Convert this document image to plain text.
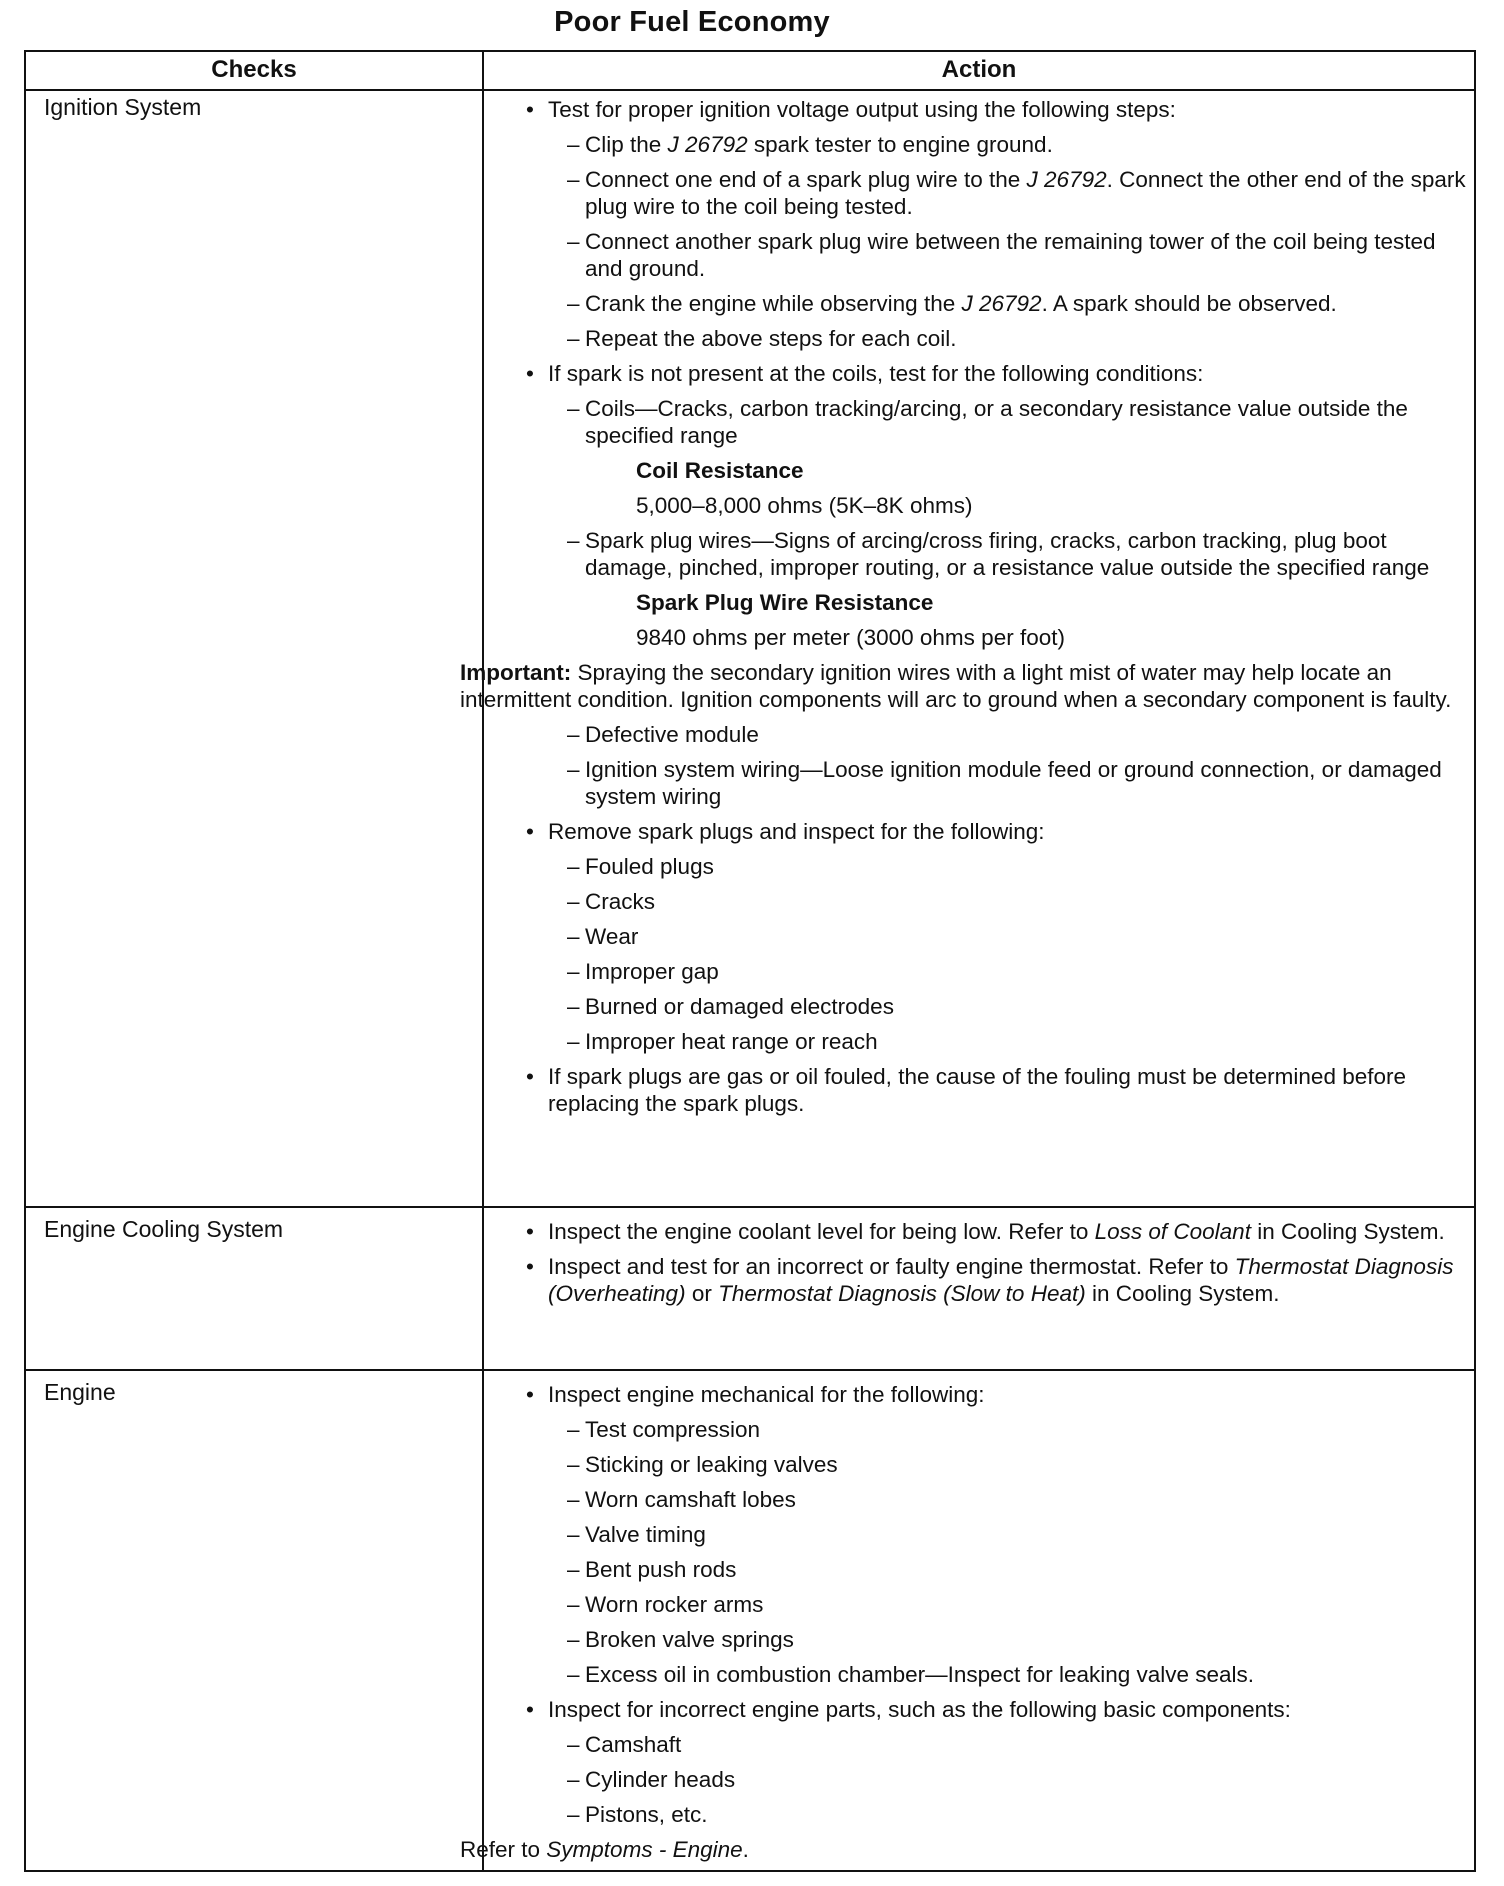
Poor Fuel Economy
Checks	Action
Ignition System	• Test for proper ignition voltage output using the following steps:
– Clip the J 26792 spark tester to engine ground.
– Connect one end of a spark plug wire to the J 26792. Connect the other end of the spark plug wire to the coil being tested.
– Connect another spark plug wire between the remaining tower of the coil being tested and ground.
– Crank the engine while observing the J 26792. A spark should be observed.
– Repeat the above steps for each coil.
• If spark is not present at the coils, test for the following conditions:
– Coils—Cracks, carbon tracking/arcing, or a secondary resistance value outside the specified range
Coil Resistance
5,000–8,000 ohms (5K–8K ohms)
– Spark plug wires—Signs of arcing/cross firing, cracks, carbon tracking, plug boot damage, pinched, improper routing, or a resistance value outside the specified range
Spark Plug Wire Resistance
9840 ohms per meter (3000 ohms per foot)
Important: Spraying the secondary ignition wires with a light mist of water may help locate an intermittent condition. Ignition components will arc to ground when a secondary component is faulty.
– Defective module
– Ignition system wiring—Loose ignition module feed or ground connection, or damaged system wiring
• Remove spark plugs and inspect for the following:
– Fouled plugs
– Cracks
– Wear
– Improper gap
– Burned or damaged electrodes
– Improper heat range or reach
• If spark plugs are gas or oil fouled, the cause of the fouling must be determined before replacing the spark plugs.
Engine Cooling System	• Inspect the engine coolant level for being low. Refer to Loss of Coolant in Cooling System.
• Inspect and test for an incorrect or faulty engine thermostat. Refer to Thermostat Diagnosis (Overheating) or Thermostat Diagnosis (Slow to Heat) in Cooling System.
Engine	• Inspect engine mechanical for the following:
– Test compression
– Sticking or leaking valves
– Worn camshaft lobes
– Valve timing
– Bent push rods
– Worn rocker arms
– Broken valve springs
– Excess oil in combustion chamber—Inspect for leaking valve seals.
• Inspect for incorrect engine parts, such as the following basic components:
– Camshaft
– Cylinder heads
– Pistons, etc.
Refer to Symptoms - Engine.
